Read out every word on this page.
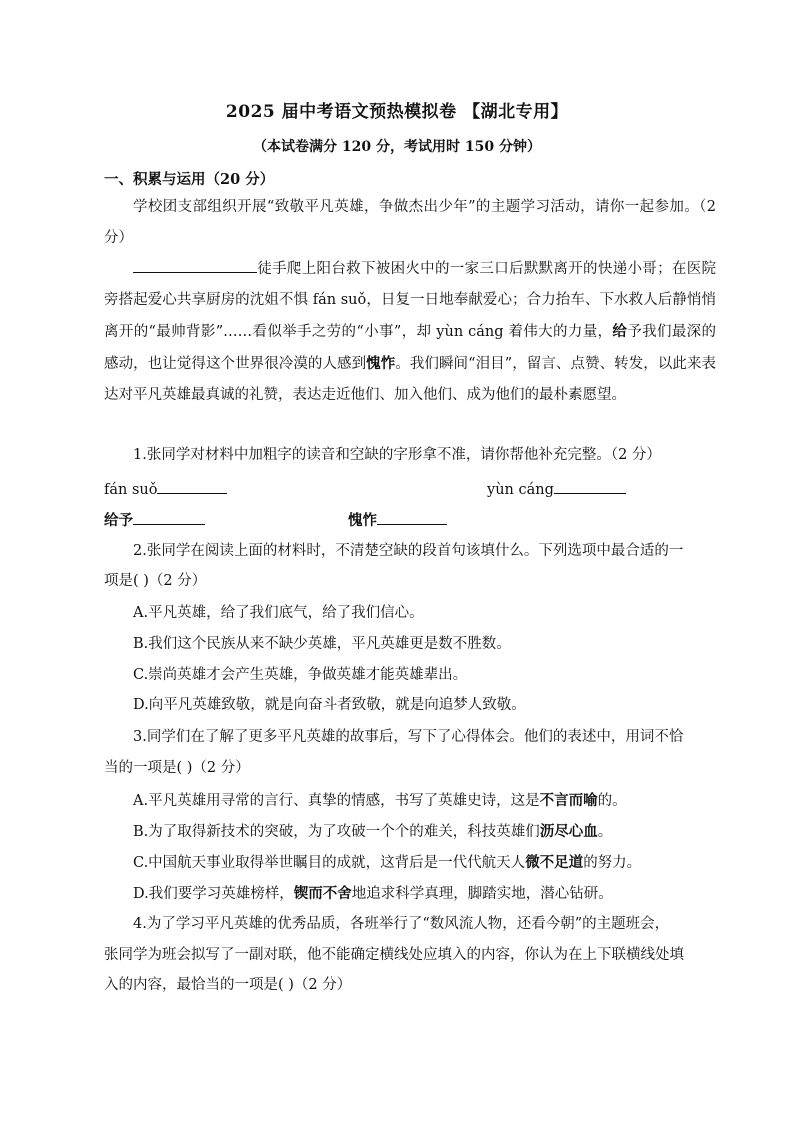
2025 届中考语文预热模拟卷 【湖北专用】
（本试卷满分 120 分，考试用时 150 分钟）
一、积累与运用（20 分）
学校团支部组织开展“致敬平凡英雄，争做杰出少年”的主题学习活动，请你一起参加。（2 分）
徒手爬上阳台救下被困火中的一家三口后默默离开的快递小哥；在医院旁搭起爱心共享厨房的沈姐不惧 fán suǒ，日复一日地奉献爱心；合力抬车、下水救人后静悄悄离开的“最帅背影”……看似举手之劳的“小事”，却 yùn cáng 着伟大的力量，给予我们最深的感动，也让觉得这个世界很冷漠的人感到愧怍。我们瞬间“泪目”，留言、点赞、转发，以此来表达对平凡英雄最真诚的礼赞，表达走近他们、加入他们、成为他们的最朴素愿望。
1.张同学对材料中加粗字的读音和空缺的字形拿不准，请你帮他补充完整。（2 分）
fán suǒ	yùn cáng
给予	愧怍
2.张同学在阅读上面的材料时，不清楚空缺的段首句该填什么。下列选项中最合适的一
项是( )（2 分）
A.平凡英雄，给了我们底气，给了我们信心。
B.我们这个民族从来不缺少英雄，平凡英雄更是数不胜数。
C.崇尚英雄才会产生英雄，争做英雄才能英雄辈出。
D.向平凡英雄致敬，就是向奋斗者致敬，就是向追梦人致敬。
3.同学们在了解了更多平凡英雄的故事后，写下了心得体会。他们的表述中，用词不恰
当的一项是( )（2 分）
A.平凡英雄用寻常的言行、真挚的情感，书写了英雄史诗，这是不言而喻的。
B.为了取得新技术的突破，为了攻破一个个的难关，科技英雄们沥尽心血。
C.中国航天事业取得举世瞩目的成就，这背后是一代代航天人微不足道的努力。
D.我们要学习英雄榜样，锲而不舍地追求科学真理，脚踏实地，潜心钻研。
4.为了学习平凡英雄的优秀品质，各班举行了“数风流人物，还看今朝”的主题班会，
张同学为班会拟写了一副对联，他不能确定横线处应填入的内容，你认为在上下联横线处填
入的内容，最恰当的一项是( )（2 分）
